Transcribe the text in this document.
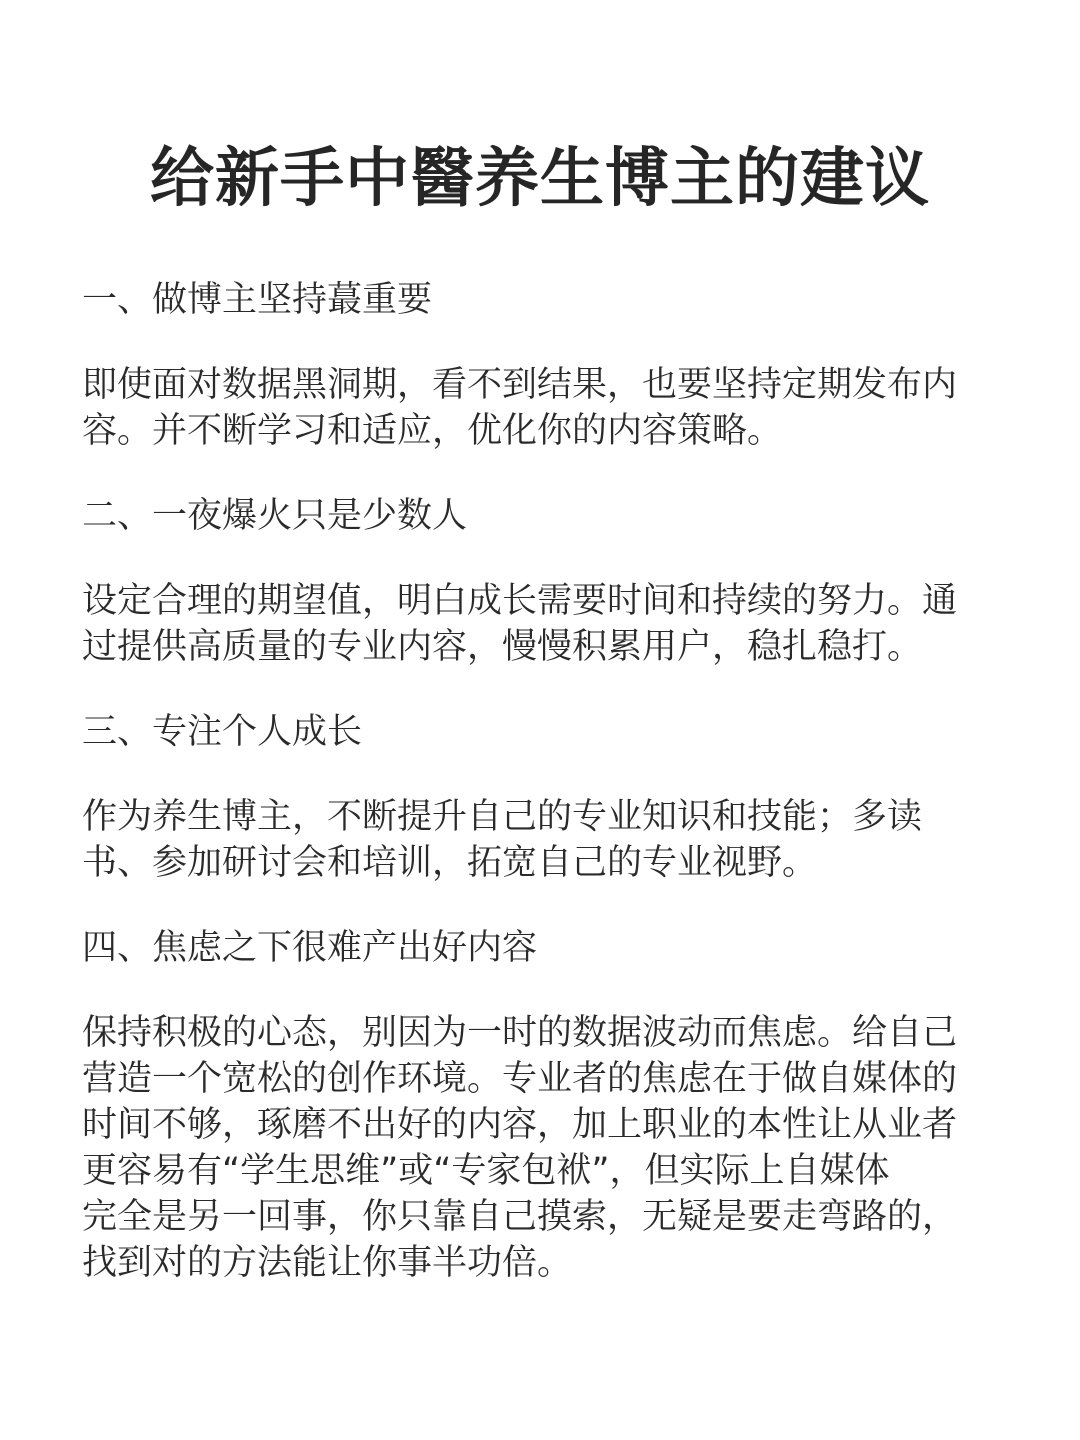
给新手中醫养生博主的建议
一、做博主坚持蕞重要

即使面对数据黑洞期，看不到结果，也要坚持定期发布内
容。并不断学习和适应，优化你的内容策略。

二、一夜爆火只是少数人

设定合理的期望值，明白成长需要时间和持续的努力。通
过提供高质量的专业内容，慢慢积累用户，稳扎稳打。

三、专注个人成长

作为养生博主，不断提升自己的专业知识和技能；多读
书、参加研讨会和培训，拓宽自己的专业视野。

四、焦虑之下很难产出好内容

保持积极的心态，别因为一时的数据波动而焦虑。给自己
营造一个宽松的创作环境。专业者的焦虑在于做自媒体的
时间不够，琢磨不出好的内容，加上职业的本性让从业者
更容易有“学生思维”或“专家包袱”，但实际上自媒体
完全是另一回事，你只靠自己摸索，无疑是要走弯路的，
找到对的方法能让你事半功倍。
